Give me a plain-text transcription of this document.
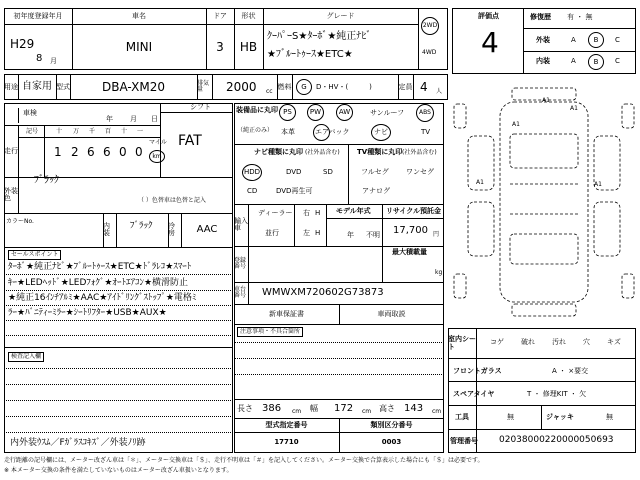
初年度登録年月	車名	ドア	形状	グレード
H29
8 月
MINI	3	HB
ｸｰﾊﾟｰS★ﾀｰﾎﾞ★純正ﾅﾋﾞ
★ﾌﾞﾙｰﾄｩｰｽ★ETC★
2WD
4WD
用途 自家用 型式	DBA-XM20	排気量	2000 cc
燃料	G	D・HV・(　　　)	定員 4 人
車検
年 月 日
シフト
FAT
走行
記号	十 万 千 百 十 一
1 2 6 6 0 0
マイル
km
外装色
ﾌﾞﾗｯｸ
（ ）色替車は色替と記入
カラーNo.
内装
ﾌﾞﾗｯｸ 冷房	AAC
セールスポイント
ﾀｰﾎﾞ★純正ﾅﾋﾞ★ﾌﾞﾙｰﾄｩｰｽ★ETC★ﾄﾞﾗﾚｺ★ｽﾏｰﾄ
ｷｰ★LEDﾍｯﾄﾞ★LEDﾌｫｸﾞ★ｵｰﾄｴｱｺﾝ★横滑防止
★純正16ｲﾝﾁｱﾙﾐ★AAC★ｱｲﾄﾞﾘﾝｸﾞｽﾄｯﾌﾟ★電格ﾐ
ﾗｰ★ﾊﾞﾆﾃｨｰﾐﾗｰ★ｼｰﾄﾘﾌﾀｰ★USB★AUX★
検査記入欄
内外装ｳｽﾑ／Fｶﾞﾗｽｺｷｽﾞ／外装ﾉﾘ跡
装備品に丸印
（純正のみ）
PS	PW	AW	サンルーフ	ABS
本革	エアバック	ナビ	TV
ナビ種類に丸印 (社外品含む)
HDD	DVD	SD
CD	DVD再生可
TV種類に丸印 (社外品含む)
フルセグ ワンセグ
アナログ
輸入車
ディーラー
並行
右 H
左 H
モデル年式
年 不明
リサイクル預託金
17,700 円
登録番号
最大積載量
kg
車台番号 WMWXM720602G73873
新車保証書	車両取説
注意事項・不具合箇所
長さ 386 cm 幅 172 cm 高さ 143 cm
型式指定番号	類別区分番号
17710	0003
評価点
4
修復歴 有 ・ 無
外装	A	B	C
内装	A	B	C
A1
A1
A1
A1	A1
室内シート
コゲ 破れ 汚れ 穴 キズ
フロントガラス	A ・ ×要交
スペアタイヤ	T ・ 修理KIT ・ 欠
工具	無	ジャッキ	無
管理番号 02038000220000050693
走行距離の記号欄には、メーター改ざん車は「＊」、メーター交換車は「＄」、走行不明車は「＃」を記入してください。メーター交換で合算表示した場合にも「＄」は必要です。
※ 本メーター交換の条件を満たしていないものはメーター改ざん車扱いとなります。
